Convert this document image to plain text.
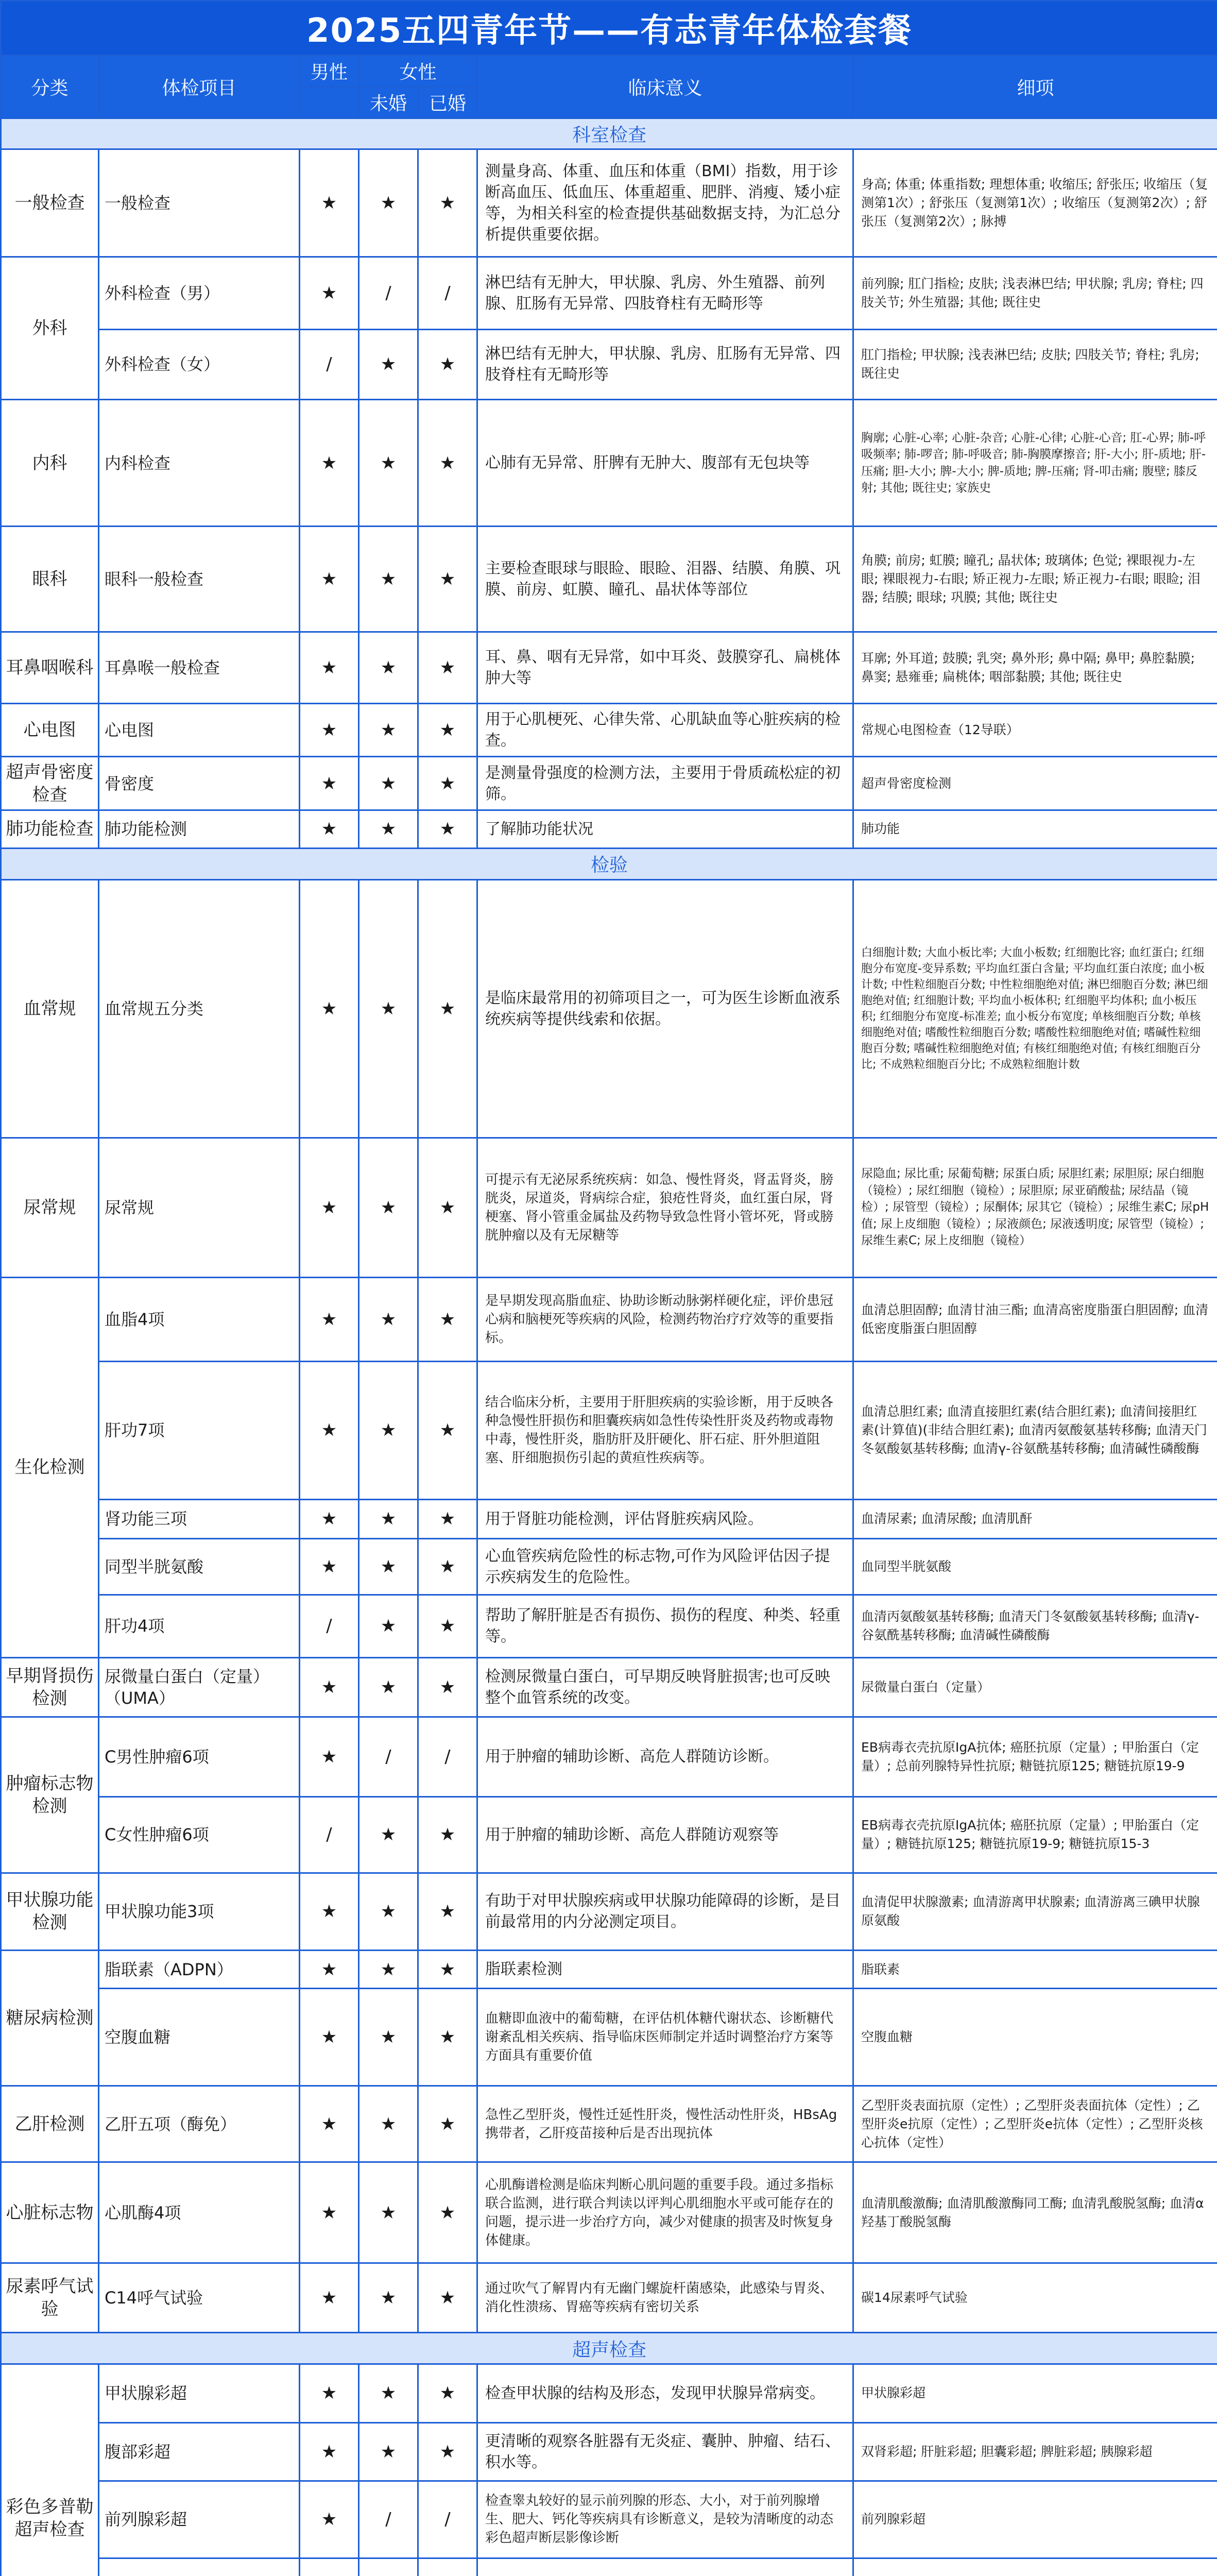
2025五四青年节——有志青年体检套餐						
分类	体检项目	男性	女性		临床意义	细项
			未婚	已婚		
科室检查						
一般检查	一般检查	★	★	★	测量身高、体重、血压和体重（BMI）指数，用于诊断高血压、低血压、体重超重、肥胖、消瘦、矮小症等，为相关科室的检查提供基础数据支持，为汇总分析提供重要依据。	身高; 体重; 体重指数; 理想体重; 收缩压; 舒张压; 收缩压（复测第1次）; 舒张压（复测第1次）; 收缩压（复测第2次）; 舒张压（复测第2次）; 脉搏
外科	外科检查（男）	★	/	/	淋巴结有无肿大，甲状腺、乳房、外生殖器、前列腺、肛肠有无异常、四肢脊柱有无畸形等	前列腺; 肛门指检; 皮肤; 浅表淋巴结; 甲状腺; 乳房; 脊柱; 四肢关节; 外生殖器; 其他; 既往史
	外科检查（女）	/	★	★	淋巴结有无肿大，甲状腺、乳房、肛肠有无异常、四肢脊柱有无畸形等	肛门指检; 甲状腺; 浅表淋巴结; 皮肤; 四肢关节; 脊柱; 乳房; 既往史
内科	内科检查	★	★	★	心肺有无异常、肝脾有无肿大、腹部有无包块等	胸廓; 心脏-心率; 心脏-杂音; 心脏-心律; 心脏-心音; 肛-心界; 肺-呼吸频率; 肺-啰音; 肺-呼吸音; 肺-胸膜摩擦音; 肝-大小; 肝-质地; 肝-压痛; 胆-大小; 脾-大小; 脾-质地; 脾-压痛; 肾-叩击痛; 腹壁; 膝反射; 其他; 既往史; 家族史
眼科	眼科一般检查	★	★	★	主要检查眼球与眼睑、眼睑、泪器、结膜、角膜、巩膜、前房、虹膜、瞳孔、晶状体等部位	角膜; 前房; 虹膜; 瞳孔; 晶状体; 玻璃体; 色觉; 裸眼视力-左眼; 裸眼视力-右眼; 矫正视力-左眼; 矫正视力-右眼; 眼睑; 泪器; 结膜; 眼球; 巩膜; 其他; 既往史
耳鼻咽喉科	耳鼻喉一般检查	★	★	★	耳、鼻、咽有无异常，如中耳炎、鼓膜穿孔、扁桃体肿大等	耳廓; 外耳道; 鼓膜; 乳突; 鼻外形; 鼻中隔; 鼻甲; 鼻腔黏膜; 鼻窦; 悬雍垂; 扁桃体; 咽部黏膜; 其他; 既往史
心电图	心电图	★	★	★	用于心肌梗死、心律失常、心肌缺血等心脏疾病的检查。	常规心电图检查（12导联）
超声骨密度检查	骨密度	★	★	★	是测量骨强度的检测方法，主要用于骨质疏松症的初筛。	超声骨密度检测
肺功能检查	肺功能检测	★	★	★	了解肺功能状况	肺功能
检验						
血常规	血常规五分类	★	★	★	是临床最常用的初筛项目之一，可为医生诊断血液系统疾病等提供线索和依据。	白细胞计数; 大血小板比率; 大血小板数; 红细胞比容; 血红蛋白; 红细胞分布宽度-变异系数; 平均血红蛋白含量; 平均血红蛋白浓度; 血小板计数; 中性粒细胞百分数; 中性粒细胞绝对值; 淋巴细胞百分数; 淋巴细胞绝对值; 红细胞计数; 平均血小板体积; 红细胞平均体积; 血小板压积; 红细胞分布宽度-标准差; 血小板分布宽度; 单核细胞百分数; 单核细胞绝对值; 嗜酸性粒细胞百分数; 嗜酸性粒细胞绝对值; 嗜碱性粒细胞百分数; 嗜碱性粒细胞绝对值; 有核红细胞绝对值; 有核红细胞百分比; 不成熟粒细胞百分比; 不成熟粒细胞计数
尿常规	尿常规	★	★	★	可提示有无泌尿系统疾病：如急、慢性肾炎，肾盂肾炎，膀胱炎，尿道炎，肾病综合症，狼疮性肾炎，血红蛋白尿，肾梗塞、肾小管重金属盐及药物导致急性肾小管坏死，肾或膀胱肿瘤以及有无尿糖等	尿隐血; 尿比重; 尿葡萄糖; 尿蛋白质; 尿胆红素; 尿胆原; 尿白细胞（镜检）; 尿红细胞（镜检）; 尿胆原; 尿亚硝酸盐; 尿结晶（镜检）; 尿管型（镜检）; 尿酮体; 尿其它（镜检）; 尿维生素C; 尿pH值; 尿上皮细胞（镜检）; 尿液颜色; 尿液透明度; 尿管型（镜检）; 尿维生素C; 尿上皮细胞（镜检）
生化检测	血脂4项	★	★	★	是早期发现高脂血症、协助诊断动脉粥样硬化症，评价患冠心病和脑梗死等疾病的风险，检测药物治疗疗效等的重要指标。	血清总胆固醇; 血清甘油三酯; 血清高密度脂蛋白胆固醇; 血清低密度脂蛋白胆固醇
	肝功7项	★	★	★	结合临床分析，主要用于肝胆疾病的实验诊断，用于反映各种急慢性肝损伤和胆囊疾病如急性传染性肝炎及药物或毒物中毒，慢性肝炎，脂肪肝及肝硬化、肝石症、肝外胆道阻塞、肝细胞损伤引起的黄疸性疾病等。	血清总胆红素; 血清直接胆红素(结合胆红素); 血清间接胆红素(计算值)(非结合胆红素); 血清丙氨酸氨基转移酶; 血清天门冬氨酸氨基转移酶; 血清γ-谷氨酰基转移酶; 血清碱性磷酸酶
	肾功能三项	★	★	★	用于肾脏功能检测，评估肾脏疾病风险。	血清尿素; 血清尿酸; 血清肌酐
	同型半胱氨酸	★	★	★	心血管疾病危险性的标志物,可作为风险评估因子提示疾病发生的危险性。	血同型半胱氨酸
	肝功4项	/	★	★	帮助了解肝脏是否有损伤、损伤的程度、种类、轻重等。	血清丙氨酸氨基转移酶; 血清天门冬氨酸氨基转移酶; 血清γ-谷氨酰基转移酶; 血清碱性磷酸酶
早期肾损伤检测	尿微量白蛋白（定量）（UMA）	★	★	★	检测尿微量白蛋白，可早期反映肾脏损害;也可反映整个血管系统的改变。	尿微量白蛋白（定量）
肿瘤标志物检测	C男性肿瘤6项	★	/	/	用于肿瘤的辅助诊断、高危人群随访诊断。	EB病毒衣壳抗原IgA抗体; 癌胚抗原（定量）; 甲胎蛋白（定量）; 总前列腺特异性抗原; 糖链抗原125; 糖链抗原19-9
	C女性肿瘤6项	/	★	★	用于肿瘤的辅助诊断、高危人群随访观察等	EB病毒衣壳抗原IgA抗体; 癌胚抗原（定量）; 甲胎蛋白（定量）; 糖链抗原125; 糖链抗原19-9; 糖链抗原15-3
甲状腺功能检测	甲状腺功能3项	★	★	★	有助于对甲状腺疾病或甲状腺功能障碍的诊断，是目前最常用的内分泌测定项目。	血清促甲状腺激素; 血清游离甲状腺素; 血清游离三碘甲状腺原氨酸
糖尿病检测	脂联素（ADPN）	★	★	★	脂联素检测	脂联素
	空腹血糖	★	★	★	血糖即血液中的葡萄糖，在评估机体糖代谢状态、诊断糖代谢紊乱相关疾病、指导临床医师制定并适时调整治疗方案等方面具有重要价值	空腹血糖
乙肝检测	乙肝五项（酶免）	★	★	★	急性乙型肝炎，慢性迁延性肝炎，慢性活动性肝炎，HBsAg携带者，乙肝疫苗接种后是否出现抗体	乙型肝炎表面抗原（定性）; 乙型肝炎表面抗体（定性）; 乙型肝炎e抗原（定性）; 乙型肝炎e抗体（定性）; 乙型肝炎核心抗体（定性）
心脏标志物	心肌酶4项	★	★	★	心肌酶谱检测是临床判断心肌问题的重要手段。通过多指标联合监测，进行联合判读以评判心肌细胞水平或可能存在的问题，提示进一步治疗方向，减少对健康的损害及时恢复身体健康。	血清肌酸激酶; 血清肌酸激酶同工酶; 血清乳酸脱氢酶; 血清α羟基丁酸脱氢酶
尿素呼气试验	C14呼气试验	★	★	★	通过吹气了解胃内有无幽门螺旋杆菌感染，此感染与胃炎、消化性溃疡、胃癌等疾病有密切关系	碳14尿素呼气试验
超声检查						
彩色多普勒超声检查	甲状腺彩超	★	★	★	检查甲状腺的结构及形态，发现甲状腺异常病变。	甲状腺彩超
	腹部彩超	★	★	★	更清晰的观察各脏器有无炎症、囊肿、肿瘤、结石、积水等。	双肾彩超; 肝脏彩超; 胆囊彩超; 脾脏彩超; 胰腺彩超
	前列腺彩超	★	/	/	检查睾丸较好的显示前列腺的形态、大小，对于前列腺增生、肥大、钙化等疾病具有诊断意义，是较为清晰度的动态彩色超声断层影像诊断	前列腺彩超
